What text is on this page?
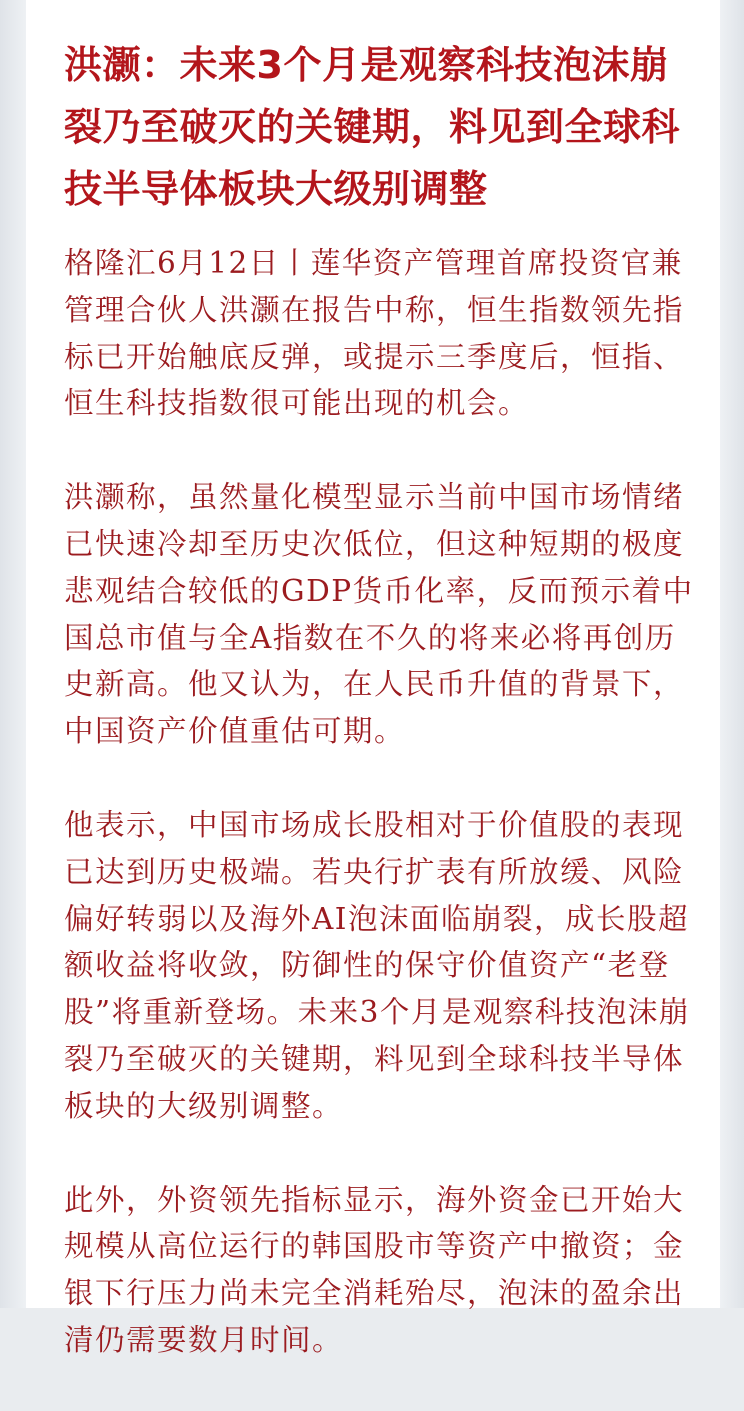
洪灏：未来3个月是观察科技泡沫崩裂乃至破灭的关键期，料见到全球科技半导体板块大级别调整

格隆汇6月12日丨莲华资产管理首席投资官兼管理合伙人洪灏在报告中称，恒生指数领先指标已开始触底反弹，或提示三季度后，恒指、恒生科技指数很可能出现的机会。

洪灏称，虽然量化模型显示当前中国市场情绪已快速冷却至历史次低位，但这种短期的极度悲观结合较低的GDP货币化率，反而预示着中国总市值与全A指数在不久的将来必将再创历史新高。他又认为，在人民币升值的背景下，中国资产价值重估可期。

他表示，中国市场成长股相对于价值股的表现已达到历史极端。若央行扩表有所放缓、风险偏好转弱以及海外AI泡沫面临崩裂，成长股超额收益将收敛，防御性的保守价值资产“老登股”将重新登场。未来3个月是观察科技泡沫崩裂乃至破灭的关键期，料见到全球科技半导体板块的大级别调整。

此外，外资领先指标显示，海外资金已开始大规模从高位运行的韩国股市等资产中撤资；金银下行压力尚未完全消耗殆尽，泡沫的盈余出清仍需要数月时间。
